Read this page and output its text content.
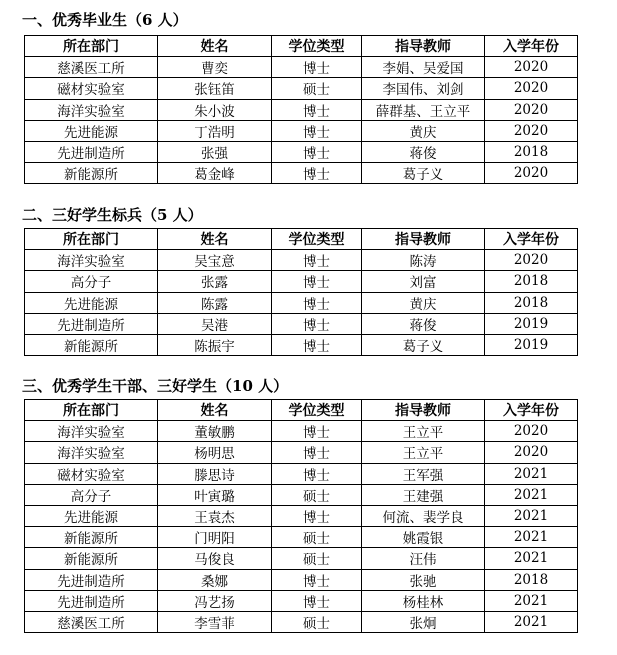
一、优秀毕业生（6 人）
所在部门	姓名	学位类型	指导教师	入学年份
慈溪医工所	曹奕	博士	李娟、吴爱国	2020
磁材实验室	张钰笛	硕士	李国伟、刘剑	2020
海洋实验室	朱小波	博士	薛群基、王立平	2020
先进能源	丁浩明	博士	黄庆	2020
先进制造所	张强	博士	蒋俊	2018
新能源所	葛金峰	博士	葛子义	2020
二、三好学生标兵（5 人）
所在部门	姓名	学位类型	指导教师	入学年份
海洋实验室	吴宝意	博士	陈涛	2020
高分子	张露	博士	刘富	2018
先进能源	陈露	博士	黄庆	2018
先进制造所	吴港	博士	蒋俊	2019
新能源所	陈振宇	博士	葛子义	2019
三、优秀学生干部、三好学生（10 人）
所在部门	姓名	学位类型	指导教师	入学年份
海洋实验室	董敏鹏	博士	王立平	2020
海洋实验室	杨明思	博士	王立平	2020
磁材实验室	滕思诗	博士	王军强	2021
高分子	叶寅璐	硕士	王建强	2021
先进能源	王袁杰	博士	何流、裴学良	2021
新能源所	门明阳	硕士	姚霞银	2021
新能源所	马俊良	硕士	汪伟	2021
先进制造所	桑娜	博士	张驰	2018
先进制造所	冯艺扬	博士	杨桂林	2021
慈溪医工所	李雪菲	硕士	张炯	2021
